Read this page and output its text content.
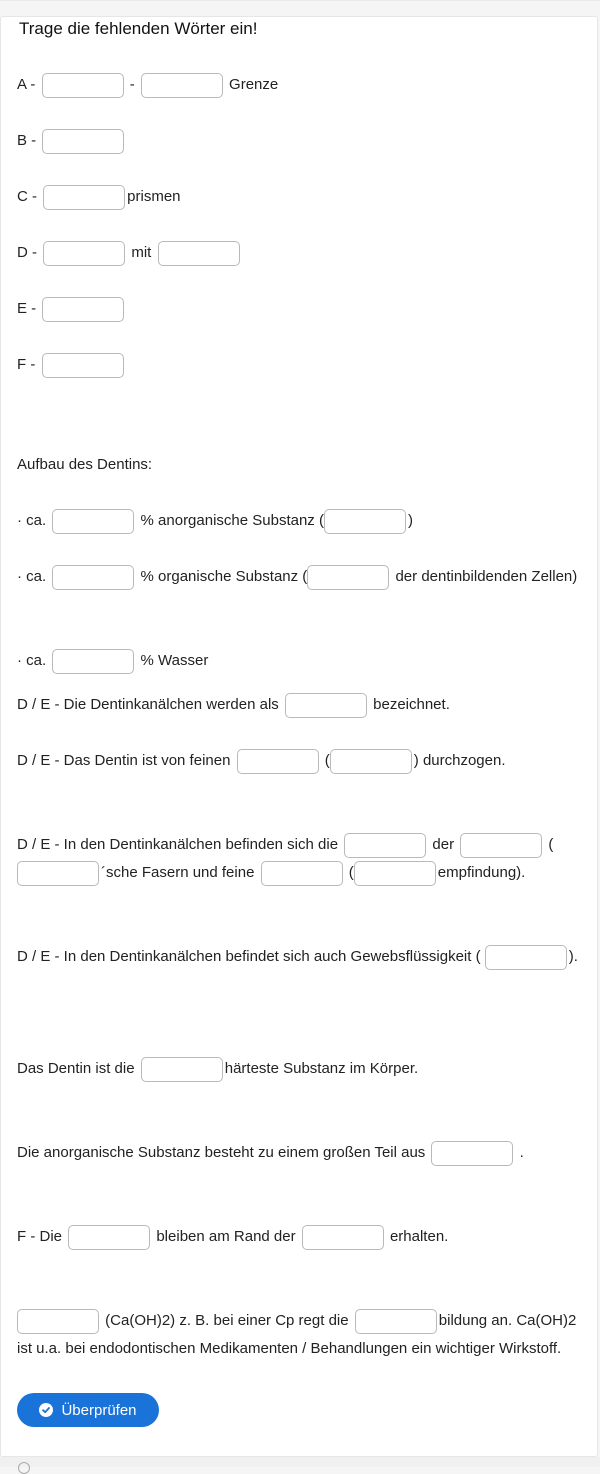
Trage die fehlenden Wörter ein!
A -	-	Grenze
B -
C -	prismen
D -	mit
E -
F -
Aufbau des Dentins:
· ca.	% anorganische Substanz (	)
· ca.	% organische Substanz (	der dentinbildenden Zellen)
· ca.	% Wasser
D / E - Die Dentinkanälchen werden als	bezeichnet.
D / E - Das Dentin ist von feinen	(	) durchzogen.
D / E - In den Dentinkanälchen befinden sich die	der	( ´sche Fasern und feine	(	empfindung).
D / E - In den Dentinkanälchen befindet sich auch Gewebsflüssigkeit (	).
Das Dentin ist die	härteste Substanz im Körper.
Die anorganische Substanz besteht zu einem großen Teil aus	.
F - Die	bleiben am Rand der	erhalten.
(Ca(OH)2) z. B. bei einer Cp regt die	bildung an. Ca(OH)2 ist u.a. bei endodontischen Medikamenten / Behandlungen ein wichtiger Wirkstoff.
Überprüfen
